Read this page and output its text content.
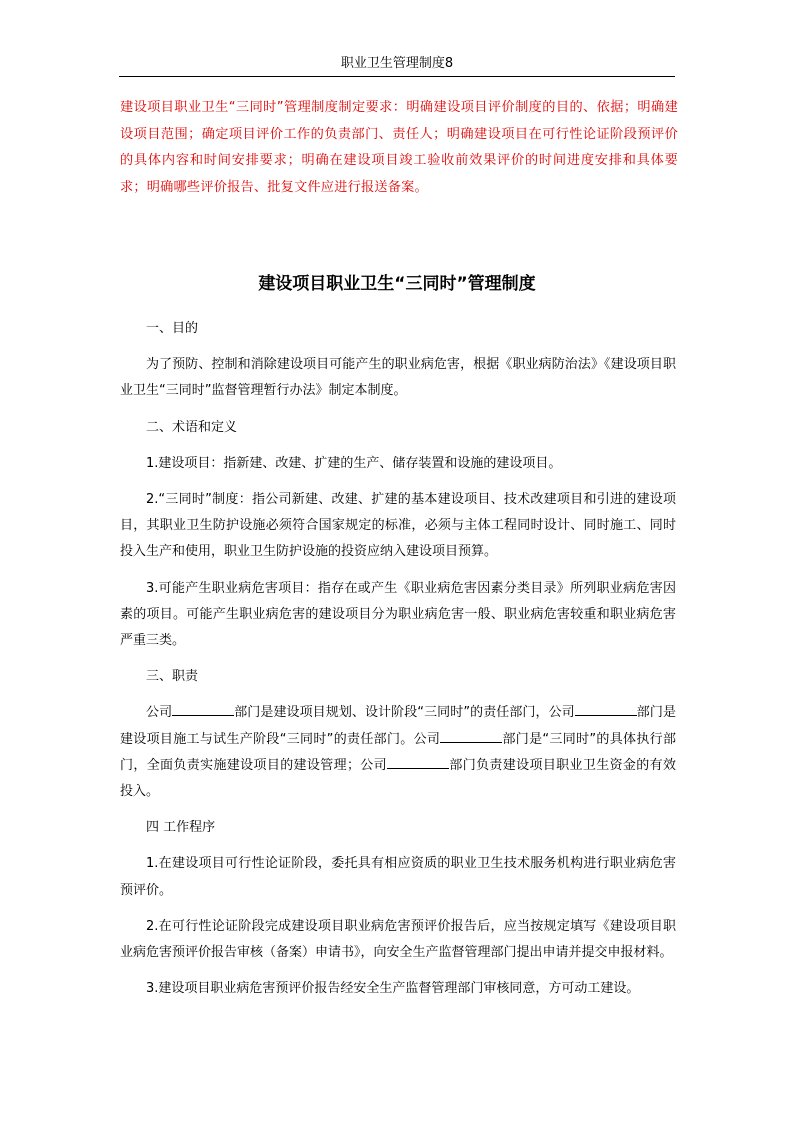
职业卫生管理制度8
建设项目职业卫生“三同时”管理制度制定要求：明确建设项目评价制度的目的、依据；明确建设项目范围；确定项目评价工作的负责部门、责任人；明确建设项目在可行性论证阶段预评价的具体内容和时间安排要求；明确在建设项目竣工验收前效果评价的时间进度安排和具体要求；明确哪些评价报告、批复文件应进行报送备案。
建设项目职业卫生“三同时”管理制度

一、目的

为了预防、控制和消除建设项目可能产生的职业病危害，根据《职业病防治法》《建设项目职业卫生“三同时”监督管理暂行办法》制定本制度。

二、术语和定义

1.建设项目：指新建、改建、扩建的生产、储存装置和设施的建设项目。

2.“三同时”制度：指公司新建、改建、扩建的基本建设项目、技术改建项目和引进的建设项目，其职业卫生防护设施必须符合国家规定的标准，必须与主体工程同时设计、同时施工、同时投入生产和使用，职业卫生防护设施的投资应纳入建设项目预算。

3.可能产生职业病危害项目：指存在或产生《职业病危害因素分类目录》所列职业病危害因素的项目。可能产生职业病危害的建设项目分为职业病危害一般、职业病危害较重和职业病危害严重三类。

三、职责

公司	部门是建设项目规划、设计阶段“三同时”的责任部门，公司	部门是建设项目施工与试生产阶段“三同时”的责任部门。公司	部门是“三同时”的具体执行部门，全面负责实施建设项目的建设管理；公司	部门负责建设项目职业卫生资金的有效投入。

四 工作程序

1.在建设项目可行性论证阶段，委托具有相应资质的职业卫生技术服务机构进行职业病危害预评价。

2.在可行性论证阶段完成建设项目职业病危害预评价报告后，应当按规定填写《建设项目职业病危害预评价报告审核（备案）申请书》，向安全生产监督管理部门提出申请并提交申报材料。

3.建设项目职业病危害预评价报告经安全生产监督管理部门审核同意，方可动工建设。
